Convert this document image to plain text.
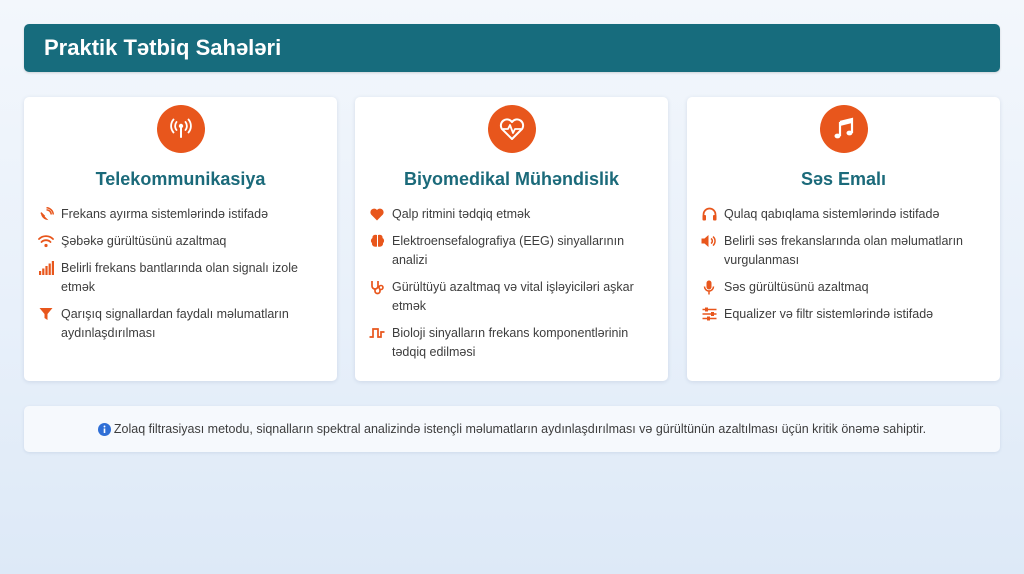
Praktik Tətbiq Sahələri
Telekommunikasiya
Frekans ayırma sistemlərində istifadə
Şəbəkə gürültüsünü azaltmaq
Belirli frekans bantlarında olan signalı izole etmək
Qarışıq signallardan faydalı məlumatların aydınlaşdırılması
Biyomedikal Mühəndislik
Qalp ritmini tədqiq etmək
Elektroensefalografiya (EEG) sinyallarının analizi
Gürültüyü azaltmaq və vital işləyiciləri aşkar etmək
Bioloji sinyalların frekans komponentlərinin tədqiq edilməsi
Səs Emalı
Qulaq qabıqlama sistemlərində istifadə
Belirli səs frekanslarında olan məlumatların vurgulanması
Səs gürültüsünü azaltmaq
Equalizer və filtr sistemlərində istifadə
Zolaq filtrasiyası metodu, siqnalların spektral analizində istençli məlumatların aydınlaşdırılması və gürültünün azaltılması üçün kritik önəmə sahiptir.
